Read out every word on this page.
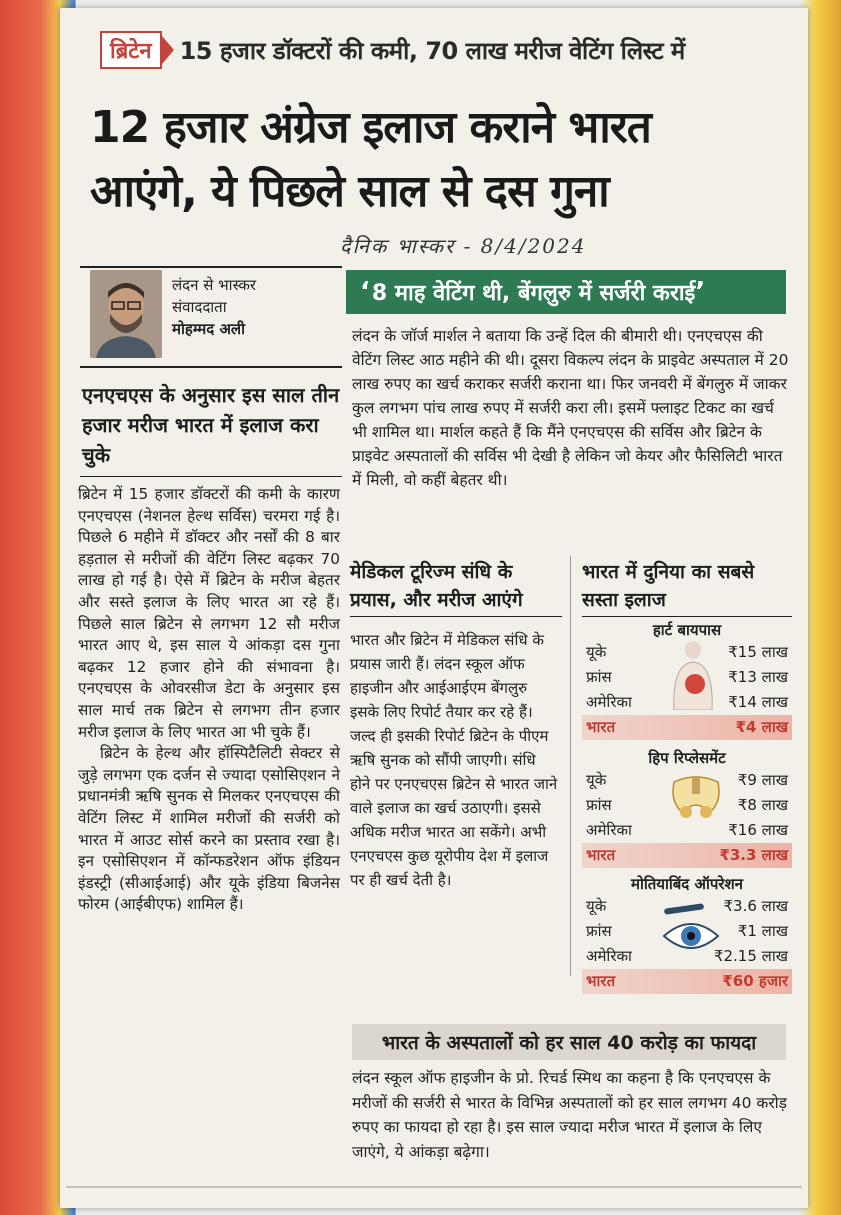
ब्रिटेन	15 हजार डॉक्टरों की कमी, 70 लाख मरीज वेटिंग लिस्ट में
12 हजार अंग्रेज इलाज कराने भारत
आएंगे, ये पिछले साल से दस गुना
दैनिक भास्कर - 8/4/2024
लंदन से भास्कर
संवाददाता
मोहम्मद अली
एनएचएस के अनुसार इस साल तीन हजार मरीज भारत में इलाज करा चुके

ब्रिटेन में 15 हजार डॉक्टरों की कमी के कारण एनएचएस (नेशनल हेल्थ सर्विस) चरमरा गई है। पिछले 6 महीने में डॉक्टर और नर्सों की 8 बार हड़ताल से मरीजों की वेटिंग लिस्ट बढ़कर 70 लाख हो गई है। ऐसे में ब्रिटेन के मरीज बेहतर और सस्ते इलाज के लिए भारत आ रहे हैं। पिछले साल ब्रिटेन से लगभग 12 सौ मरीज भारत आए थे, इस साल ये आंकड़ा दस गुना बढ़कर 12 हजार होने की संभावना है। एनएचएस के ओवरसीज डेटा के अनुसार इस साल मार्च तक ब्रिटेन से लगभग तीन हजार मरीज इलाज के लिए भारत आ भी चुके हैं।

ब्रिटेन के हेल्थ और हॉस्पिटैलिटी सेक्टर से जुड़े लगभग एक दर्जन से ज्यादा एसोसिएशन ने प्रधानमंत्री ऋषि सुनक से मिलकर एनएचएस की वेटिंग लिस्ट में शामिल मरीजों की सर्जरी को भारत में आउट सोर्स करने का प्रस्ताव रखा है। इन एसोसिएशन में कॉन्फडरेशन ऑफ इंडियन इंडस्ट्री (सीआईआई) और यूके इंडिया बिजनेस फोरम (आईबीएफ) शामिल हैं।

‘ 8 माह वेटिंग थी, बेंगलुरु में सर्जरी कराई ’
लंदन के जॉर्ज मार्शल ने बताया कि उन्हें दिल की बीमारी थी। एनएचएस की वेटिंग लिस्ट आठ महीने की थी। दूसरा विकल्प लंदन के प्राइवेट अस्पताल में 20 लाख रुपए का खर्च कराकर सर्जरी कराना था। फिर जनवरी में बेंगलुरु में जाकर कुल लगभग पांच लाख रुपए में सर्जरी करा ली। इसमें फ्लाइट टिकट का खर्च भी शामिल था। मार्शल कहते हैं कि मैंने एनएचएस की सर्विस और ब्रिटेन के प्राइवेट अस्पतालों की सर्विस भी देखी है लेकिन जो केयर और फैसिलिटी भारत में मिली, वो कहीं बेहतर थी।
मेडिकल टूरिज्म संधि के प्रयास, और मरीज आएंगे
भारत और ब्रिटेन में मेडिकल संधि के प्रयास जारी हैं। लंदन स्कूल ऑफ हाइजीन और आईआईएम बेंगलुरु इसके लिए रिपोर्ट तैयार कर रहे हैं। जल्द ही इसकी रिपोर्ट ब्रिटेन के पीएम ऋषि सुनक को सौंपी जाएगी। संधि होने पर एनएचएस ब्रिटेन से भारत जाने वाले इलाज का खर्च उठाएगी। इससे अधिक मरीज भारत आ सकेंगे। अभी एनएचएस कुछ यूरोपीय देश में इलाज पर ही खर्च देती है।
भारत में दुनिया का सबसे सस्ता इलाज
हार्ट बायपास
यूके	₹15 लाख
फ्रांस	₹13 लाख
अमेरिका	₹14 लाख
भारत	₹4 लाख
हिप रिप्लेसमेंट
यूके	₹9 लाख
फ्रांस	₹8 लाख
अमेरिका	₹16 लाख
भारत	₹3.3 लाख
मोतियाबिंद ऑपरेशन
यूके	₹3.6 लाख
फ्रांस	₹1 लाख
अमेरिका	₹2.15 लाख
भारत	₹60 हजार
भारत के अस्पतालों को हर साल 40 करोड़ का फायदा
लंदन स्कूल ऑफ हाइजीन के प्रो. रिचर्ड स्मिथ का कहना है कि एनएचएस के मरीजों की सर्जरी से भारत के विभिन्न अस्पतालों को हर साल लगभग 40 करोड़ रुपए का फायदा हो रहा है। इस साल ज्यादा मरीज भारत में इलाज के लिए जाएंगे, ये आंकड़ा बढ़ेगा।
